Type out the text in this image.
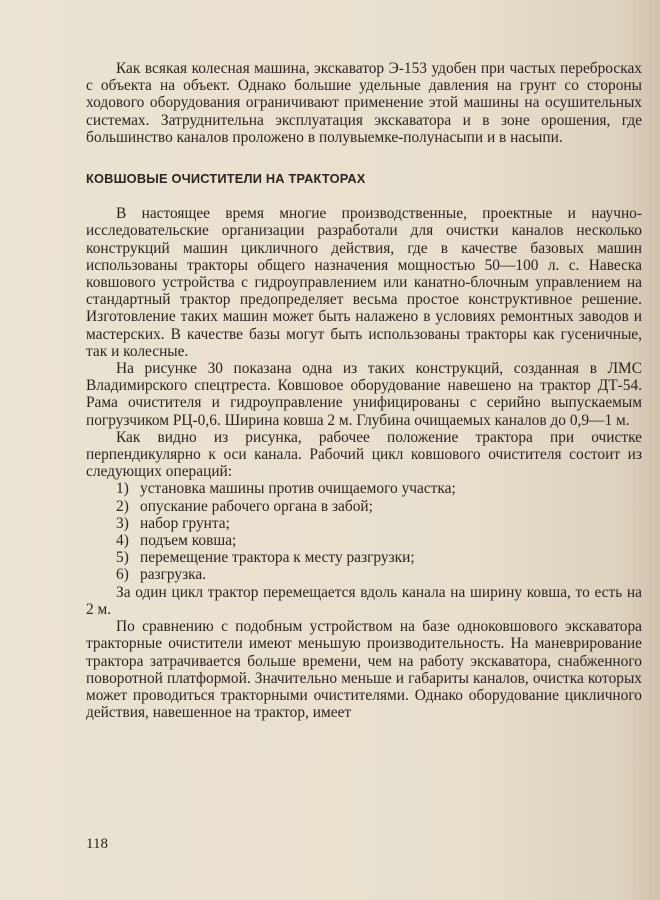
Как всякая колесная машина, экскаватор Э-153 удобен при частых перебросках с объекта на объект. Однако большие удельные давления на грунт со стороны ходового оборудования ограничивают применение этой машины на осушительных системах. Затруднительна эксплуатация экскаватора и в зоне орошения, где большинство каналов проложено в полувыемке-полунасыпи и в насыпи.

КОВШОВЫЕ ОЧИСТИТЕЛИ НА ТРАКТОРАХ

В настоящее время многие производственные, проектные и научно-исследовательские организации разработали для очистки каналов несколько конструкций машин цикличного действия, где в качестве базовых машин использованы тракторы общего назначения мощностью 50—100 л. с. Навеска ковшового устройства с гидроуправлением или канатно-блочным управлением на стандартный трактор предопределяет весьма простое конструктивное решение. Изготовление таких машин может быть налажено в условиях ремонтных заводов и мастерских. В качестве базы могут быть использованы тракторы как гусеничные, так и колесные.

На рисунке 30 показана одна из таких конструкций, созданная в ЛМС Владимирского спецтреста. Ковшовое оборудование навешено на трактор ДТ-54. Рама очистителя и гидроуправление унифицированы с серийно выпускаемым погрузчиком РЦ-0,6. Ширина ковша 2 м. Глубина очищаемых каналов до 0,9—1 м.

Как видно из рисунка, рабочее положение трактора при очистке перпендикулярно к оси канала. Рабочий цикл ковшового очистителя состоит из следующих операций:

1) установка машины против очищаемого участка;
2) опускание рабочего органа в забой;
3) набор грунта;
4) подъем ковша;
5) перемещение трактора к месту разгрузки;
6) разгрузка.

За один цикл трактор перемещается вдоль канала на ширину ковша, то есть на 2 м.

По сравнению с подобным устройством на базе одноковшового экскаватора тракторные очистители имеют меньшую производительность. На маневрирование трактора затрачивается больше времени, чем на работу экскаватора, снабженного поворотной платформой. Значительно меньше и габариты каналов, очистка которых может проводиться тракторными очистителями. Однако оборудование цикличного действия, навешенное на трактор, имеет

118
